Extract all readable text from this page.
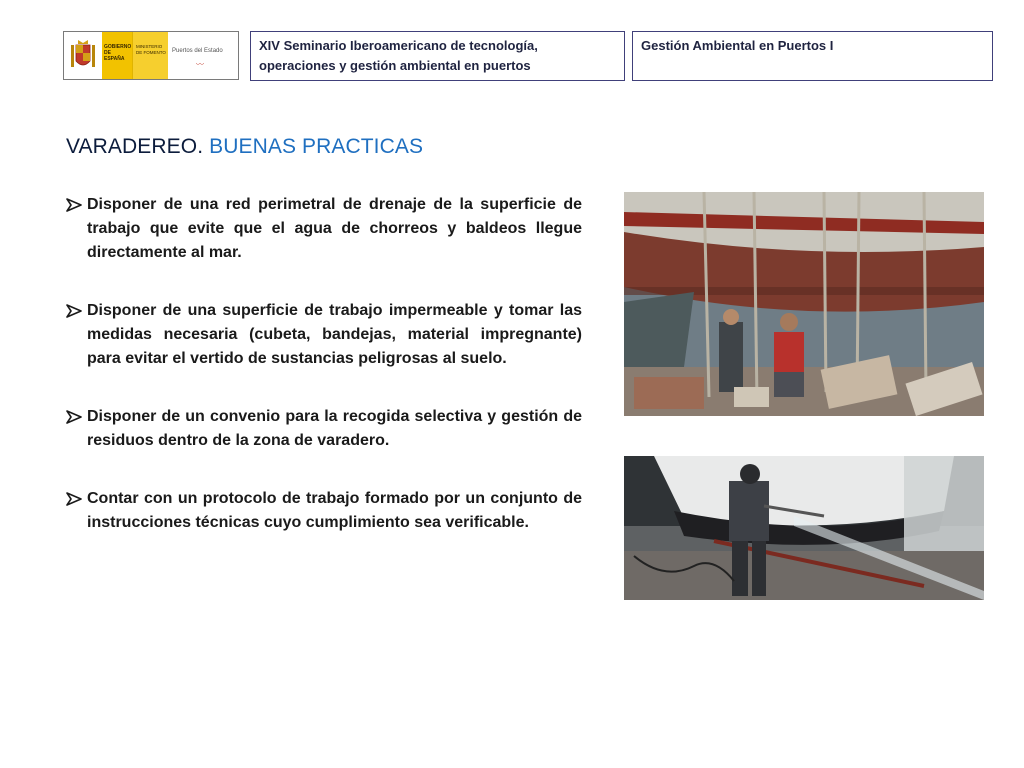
GOBIERNO DE ESPAÑA
MINISTERIO DE FOMENTO	Puertos del Estado
〰
XIV Seminario Iberoamericano de tecnología, operaciones y gestión ambiental en puertos
Gestión Ambiental en Puertos I
VARADEREO. BUENAS PRACTICAS
Disponer de una red perimetral de drenaje de la superficie de trabajo que evite que el agua de chorreos y baldeos llegue directamente al mar.
Disponer de una superficie de trabajo impermeable y tomar las medidas necesaria (cubeta, bandejas, material impregnante) para evitar el vertido de sustancias peligrosas al suelo.
Disponer de un convenio para la recogida selectiva y gestión de residuos dentro de la zona de varadero.
Contar con un protocolo de trabajo formado por un conjunto de instrucciones técnicas cuyo cumplimiento sea verificable.
